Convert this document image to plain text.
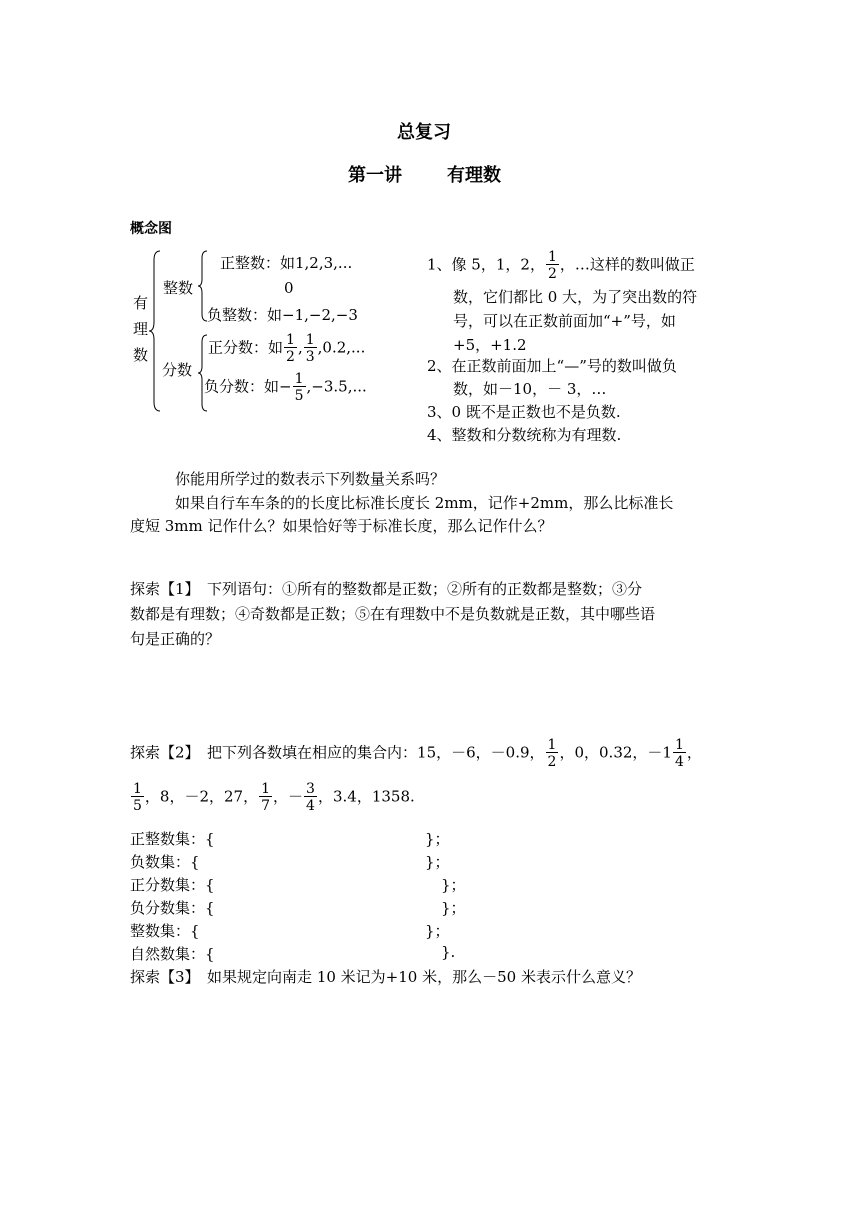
总复习
第一讲	有理数
概念图
有
理
数
整数
正整数：如1,2,3,...
0
负整数：如−1,−2,−3
分数
正分数：如 $\frac{1}{2}$ , $\frac{1}{3} ,0.2$,...
负分数：如− $\frac{1}{5} ,-3.5$,...
1、像 5，1，2， $\frac{1}{2}$ ，…这样的数叫做正
数，它们都比 0 大，为了突出数的符
号，可以在正数前面加“+”号，如
+5，+1.2
2、在正数前面加上“—”号的数叫做负
数，如－10，－ 3，…
3、0 既不是正数也不是负数.
4、整数和分数统称为有理数.
你能用所学过的数表示下列数量关系吗？
如果自行车车条的的长度比标准长度长 2mm，记作+2mm，那么比标准长
度短 3mm 记作什么？如果恰好等于标准长度，那么记作什么？
探索【1】　下列语句：①所有的整数都是正数；②所有的正数都是整数；③分
数都是有理数；④奇数都是正数；⑤在有理数中不是负数就是正数，其中哪些语
句是正确的？
探索【2】　把下列各数填在相应的集合内：15，－6，－0.9， $\frac{1}{2}$ ，0，0.32，$-1 \frac{1}{4}$ ，
$\frac{1}{5}$ ，8，－2，27， $\frac{1}{7}$ ，－ $\frac{3}{4}$ ，3.4，1358.
正整数集：{	}；
负数集：{	}；
正分数集：{	}；
负分数集：{	}；
整数集：{	}；
自然数集：{	}.
探索【3】　如果规定向南走 10 米记为+10 米，那么－50 米表示什么意义？
